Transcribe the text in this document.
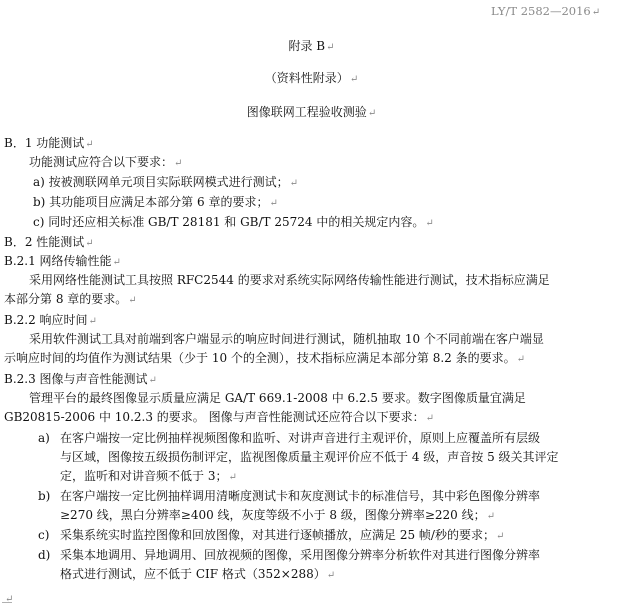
LY/T 2582—2016↵
附录 B↵
（资料性附录）↵
图像联网工程验收测验↵
B．1 功能测试↵
功能测试应符合以下要求：↵
a) 按被测联网单元项目实际联网模式进行测试；↵
b) 其功能项目应满足本部分第 6 章的要求；↵
c) 同时还应相关标准 GB/T 28181 和 GB/T 25724 中的相关规定内容。↵
B．2 性能测试↵
B.2.1 网络传输性能↵
采用网络性能测试工具按照 RFC2544 的要求对系统实际网络传输性能进行测试，技术指标应满足
本部分第 8 章的要求。↵
B.2.2 响应时间↵
采用软件测试工具对前端到客户端显示的响应时间进行测试，随机抽取 10 个不同前端在客户端显
示响应时间的均值作为测试结果（少于 10 个的全测），技术指标应满足本部分第 8.2 条的要求。↵
B.2.3 图像与声音性能测试↵
管理平台的最终图像显示质量应满足 GA/T 669.1-2008 中 6.2.5 要求。数字图像质量宜满足
GB20815-2006 中 10.2.3 的要求。 图像与声音性能测试还应符合以下要求：↵
a) 在客户端按一定比例抽样视频图像和监听、对讲声音进行主观评价，原则上应覆盖所有层级
与区域，图像按五级损伤制评定，监视图像质量主观评价应不低于 4 级，声音按 5 级关其评定
定，监听和对讲音频不低于 3；↵
b) 在客户端按一定比例抽样调用清晰度测试卡和灰度测试卡的标准信号，其中彩色图像分辨率
≥270 线，黑白分辨率≥400 线，灰度等级不小于 8 级，图像分辨率≥220 线；↵
c) 采集系统实时监控图像和回放图像，对其进行逐帧播放，应满足 25 帧/秒的要求；↵
d) 采集本地调用、异地调用、回放视频的图像，采用图像分辨率分析软件对其进行图像分辨率
格式进行测试，应不低于 CIF 格式（352×288）↵
↵
